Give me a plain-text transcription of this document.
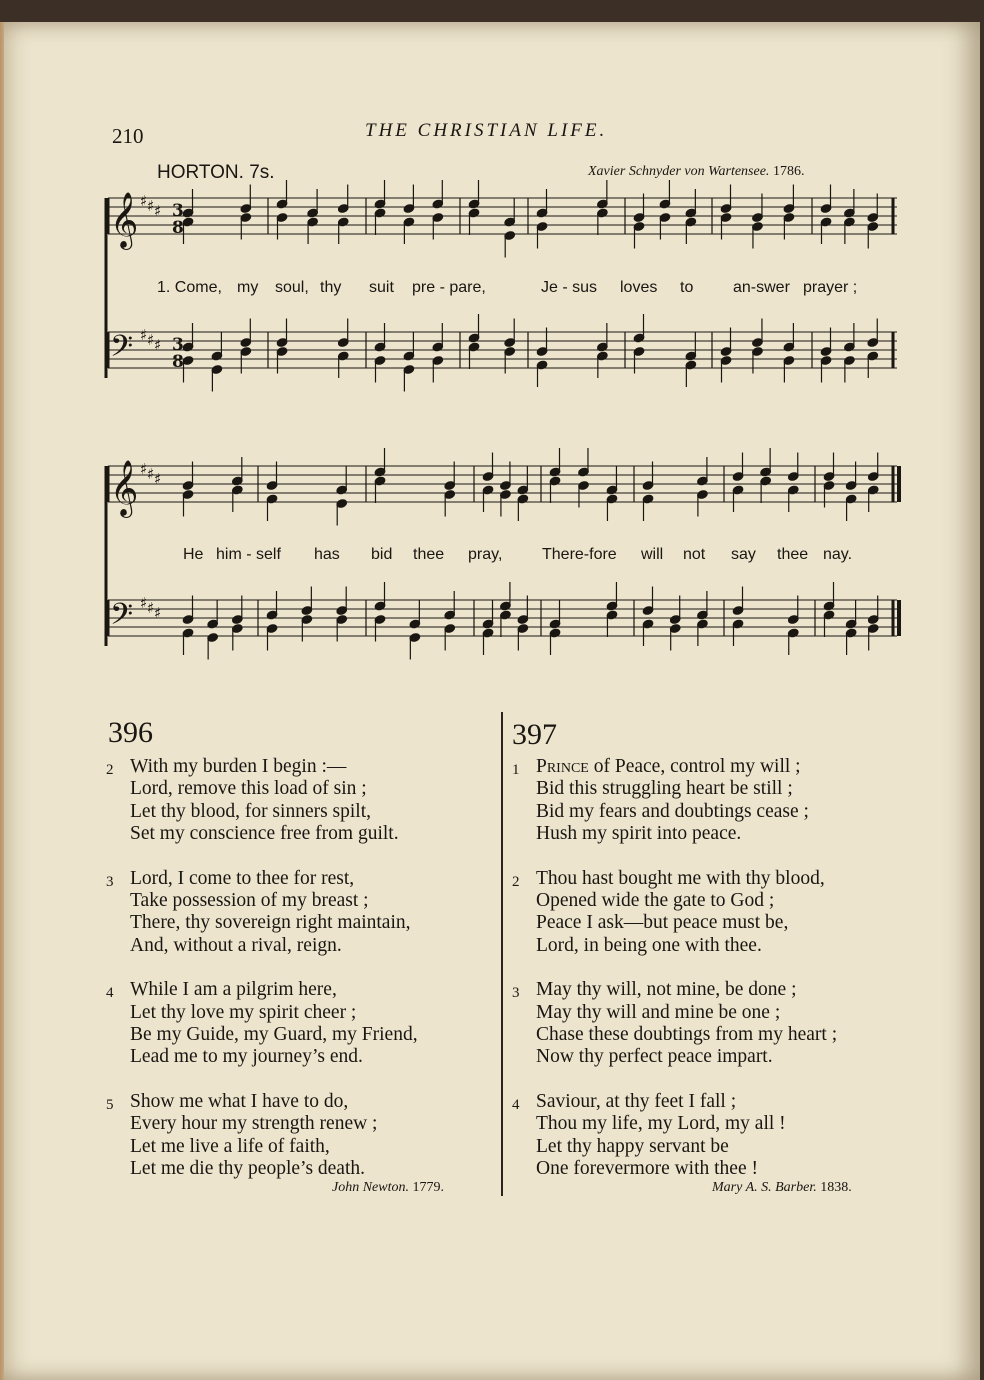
210	THE CHRISTIAN LIFE.
HORTON. 7s.	Xavier Schnyder von Wartensee. 1786.
𝄞 ♯ ♯ ♯ 3
8
𝄢 ♯ ♯ ♯ 3
8
𝄞 ♯ ♯ ♯
𝄢 ♯ ♯ ♯
1. Come, my soul, thy suit pre - pare,	Je - sus loves to an-swer prayer ;
He him - self has bid thee pray, There-fore will not say thee nay.
396
2 With my burden I begin :—
Lord, remove this load of sin ;
Let thy blood, for sinners spilt,
Set my conscience free from guilt.
3 Lord, I come to thee for rest,
Take possession of my breast ;
There, thy sovereign right maintain,
And, without a rival, reign.
4 While I am a pilgrim here,
Let thy love my spirit cheer ;
Be my Guide, my Guard, my Friend,
Lead me to my journey’s end.
5 Show me what I have to do,
Every hour my strength renew ;
Let me live a life of faith,
Let me die thy people’s death.
John Newton. 1779.
397
1 Prince of Peace, control my will ;
Bid this struggling heart be still ;
Bid my fears and doubtings cease ;
Hush my spirit into peace.
2 Thou hast bought me with thy blood,
Opened wide the gate to God ;
Peace I ask—but peace must be,
Lord, in being one with thee.
3 May thy will, not mine, be done ;
May thy will and mine be one ;
Chase these doubtings from my heart ;
Now thy perfect peace impart.
4 Saviour, at thy feet I fall ;
Thou my life, my Lord, my all !
Let thy happy servant be
One forevermore with thee !
Mary A. S. Barber. 1838.
